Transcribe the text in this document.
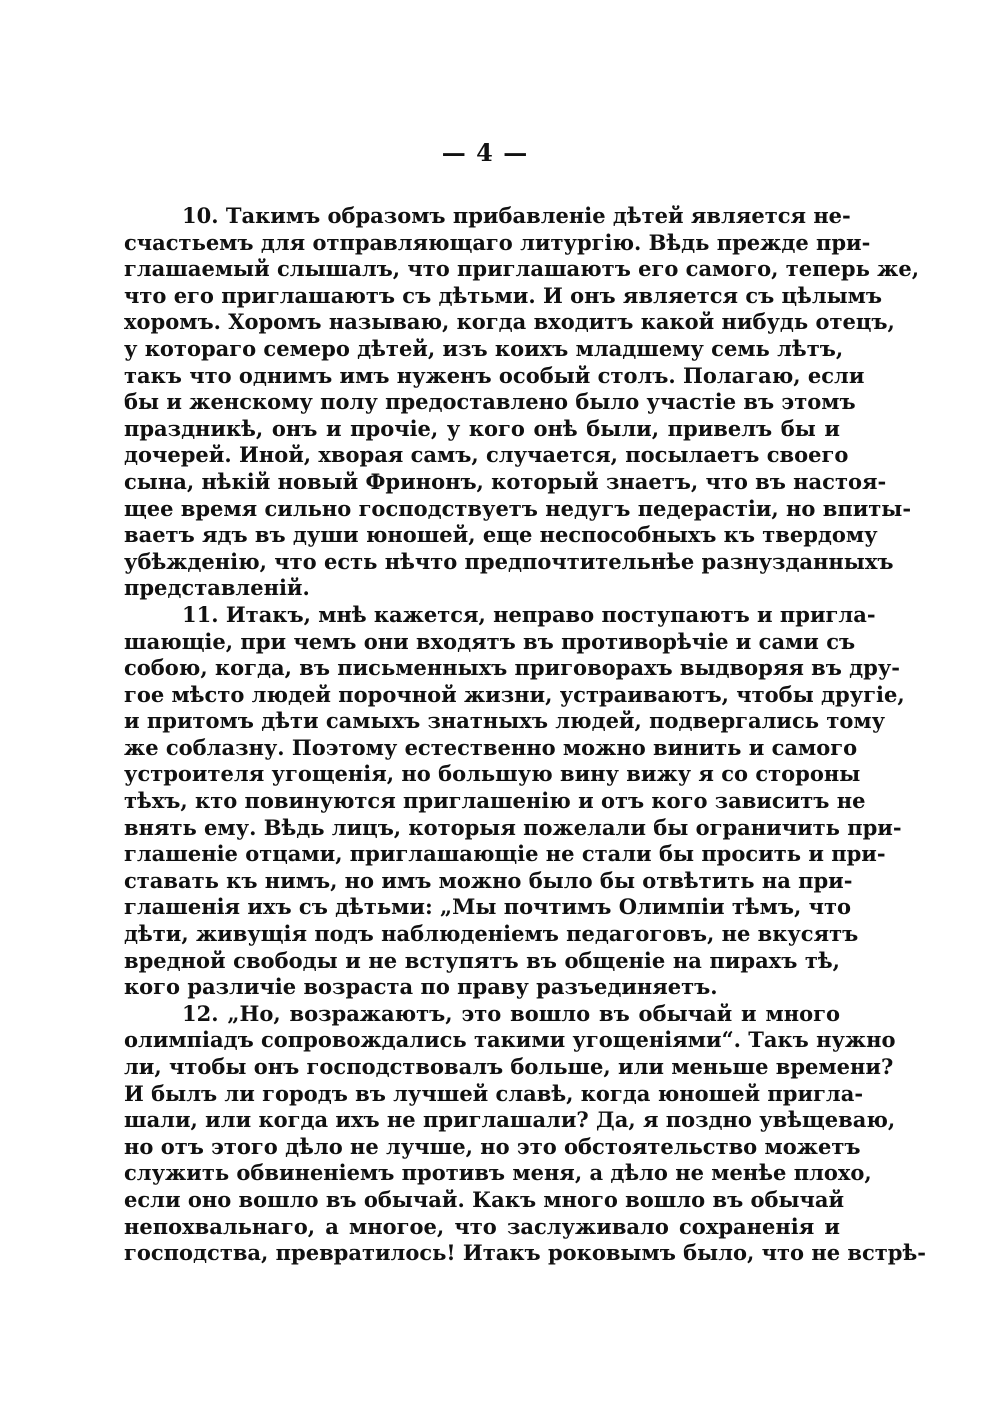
— 4 —
10. Такимъ образомъ прибавленіе дѣтей является не-
счастьемъ для отправляющаго литургію. Вѣдь прежде при-
глашаемый слышалъ, что приглашаютъ его самого, теперь же,
что его приглашаютъ съ дѣтьми. И онъ является съ цѣлымъ
хоромъ. Хоромъ называю, когда входитъ какой нибудь отецъ,
у котораго семеро дѣтей, изъ коихъ младшему семь лѣтъ,
такъ что однимъ имъ нуженъ особый столъ. Полагаю, если
бы и женскому полу предоставлено было участіе въ этомъ
праздникѣ, онъ и прочіе, у кого онѣ были, привелъ бы и
дочерей. Иной, хворая самъ, случается, посылаетъ своего
сына, нѣкій новый Фринонъ, который знаетъ, что въ настоя-
щее время сильно господствуетъ недугъ педерастіи, но впиты-
ваетъ ядъ въ души юношей, еще неспособныхъ къ твердому
убѣжденію, что есть нѣчто предпочтительнѣе разнузданныхъ
представленій.
11. Итакъ, мнѣ кажется, неправо поступаютъ и пригла-
шающіе, при чемъ они входятъ въ противорѣчіе и сами съ
собою, когда, въ письменныхъ приговорахъ выдворяя въ дру-
гое мѣсто людей порочной жизни, устраиваютъ, чтобы другіе,
и притомъ дѣти самыхъ знатныхъ людей, подвергались тому
же соблазну. Поэтому естественно можно винить и самого
устроителя угощенія, но большую вину вижу я со стороны
тѣхъ, кто повинуются приглашенію и отъ кого зависитъ не
внять ему. Вѣдь лицъ, которыя пожелали бы ограничить при-
глашеніе отцами, приглашающіе не стали бы просить и при-
ставать къ нимъ, но имъ можно было бы отвѣтить на при-
глашенія ихъ съ дѣтьми: „Мы почтимъ Олимпіи тѣмъ, что
дѣти, живущія подъ наблюденіемъ педагоговъ, не вкусятъ
вредной свободы и не вступятъ въ общеніе на пирахъ тѣ,
кого различіе возраста по праву разъединяетъ.
12. „Но, возражаютъ, это вошло въ обычай и много
олимпіадъ сопровождались такими угощеніями“. Такъ нужно
ли, чтобы онъ господствовалъ больше, или меньше времени?
И былъ ли городъ въ лучшей славѣ, когда юношей пригла-
шали, или когда ихъ не приглашали? Да, я поздно увѣщеваю,
но отъ этого дѣло не лучше, но это обстоятельство можетъ
служить обвиненіемъ противъ меня, а дѣло не менѣе плохо,
если оно вошло въ обычай. Какъ много вошло въ обычай
непохвальнаго, а многое, что заслуживало сохраненія и
господства, превратилось! Итакъ роковымъ было, что не встрѣ-
